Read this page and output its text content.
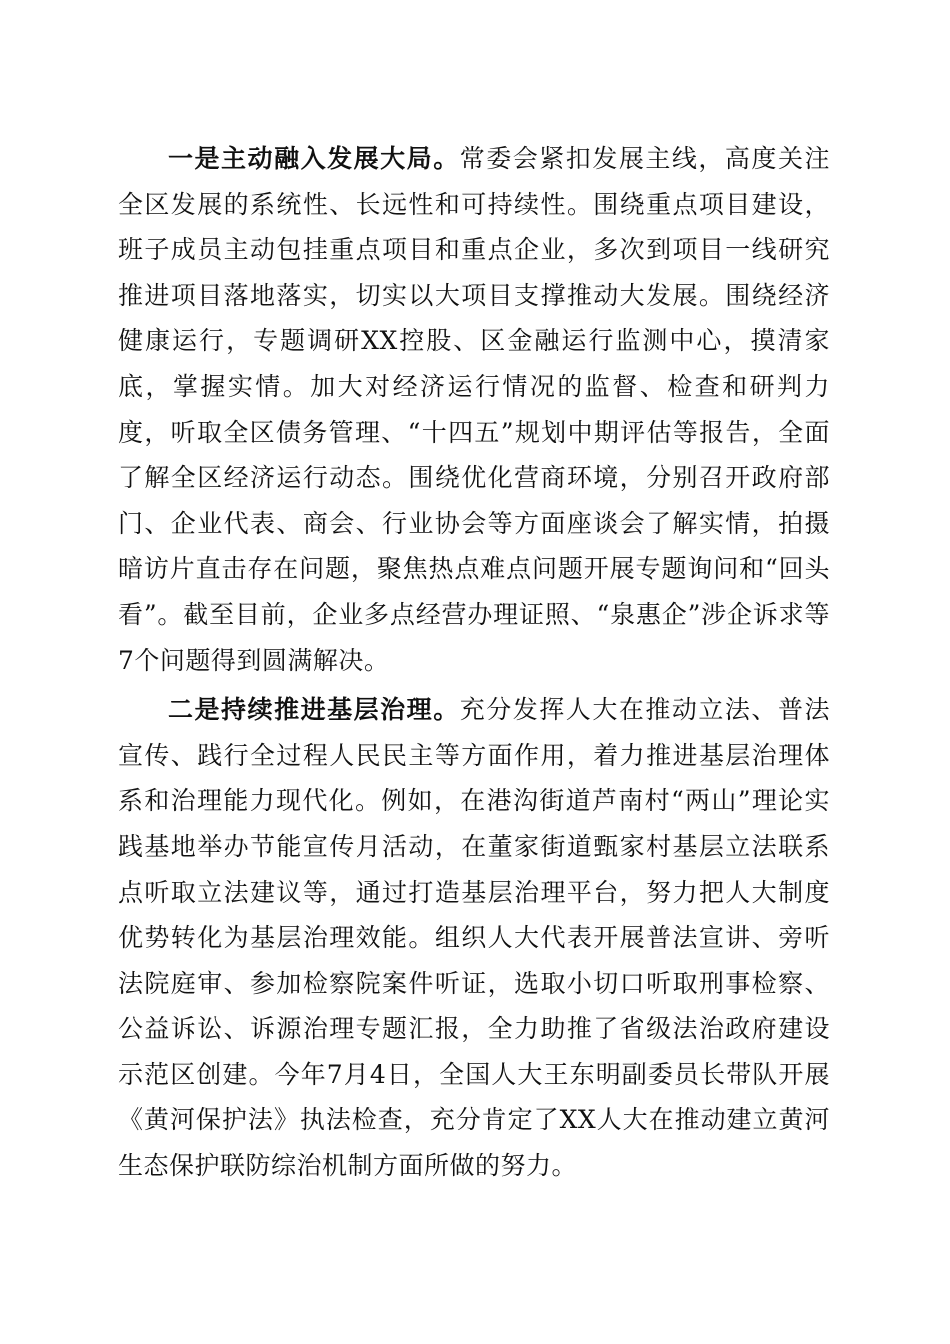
一是主动融入发展大局。常委会紧扣发展主线，高度关注全区发展的系统性、长远性和可持续性。围绕重点项目建设，班子成员主动包挂重点项目和重点企业，多次到项目一线研究推进项目落地落实，切实以大项目支撑推动大发展。围绕经济健康运行，专题调研XX控股、区金融运行监测中心，摸清家底，掌握实情。加大对经济运行情况的监督、检查和研判力度，听取全区债务管理、“十四五”规划中期评估等报告，全面了解全区经济运行动态。围绕优化营商环境，分别召开政府部门、企业代表、商会、行业协会等方面座谈会了解实情，拍摄暗访片直击存在问题，聚焦热点难点问题开展专题询问和“回头看”。截至目前，企业多点经营办理证照、“泉惠企”涉企诉求等7个问题得到圆满解决。

二是持续推进基层治理。充分发挥人大在推动立法、普法宣传、践行全过程人民民主等方面作用，着力推进基层治理体系和治理能力现代化。例如，在港沟街道芦南村“两山”理论实践基地举办节能宣传月活动，在董家街道甄家村基层立法联系点听取立法建议等，通过打造基层治理平台，努力把人大制度优势转化为基层治理效能。组织人大代表开展普法宣讲、旁听法院庭审、参加检察院案件听证，选取小切口听取刑事检察、公益诉讼、诉源治理专题汇报，全力助推了省级法治政府建设示范区创建。今年7月4日，全国人大王东明副委员长带队开展《黄河保护法》执法检查，充分肯定了XX人大在推动建立黄河生态保护联防综治机制方面所做的努力。
